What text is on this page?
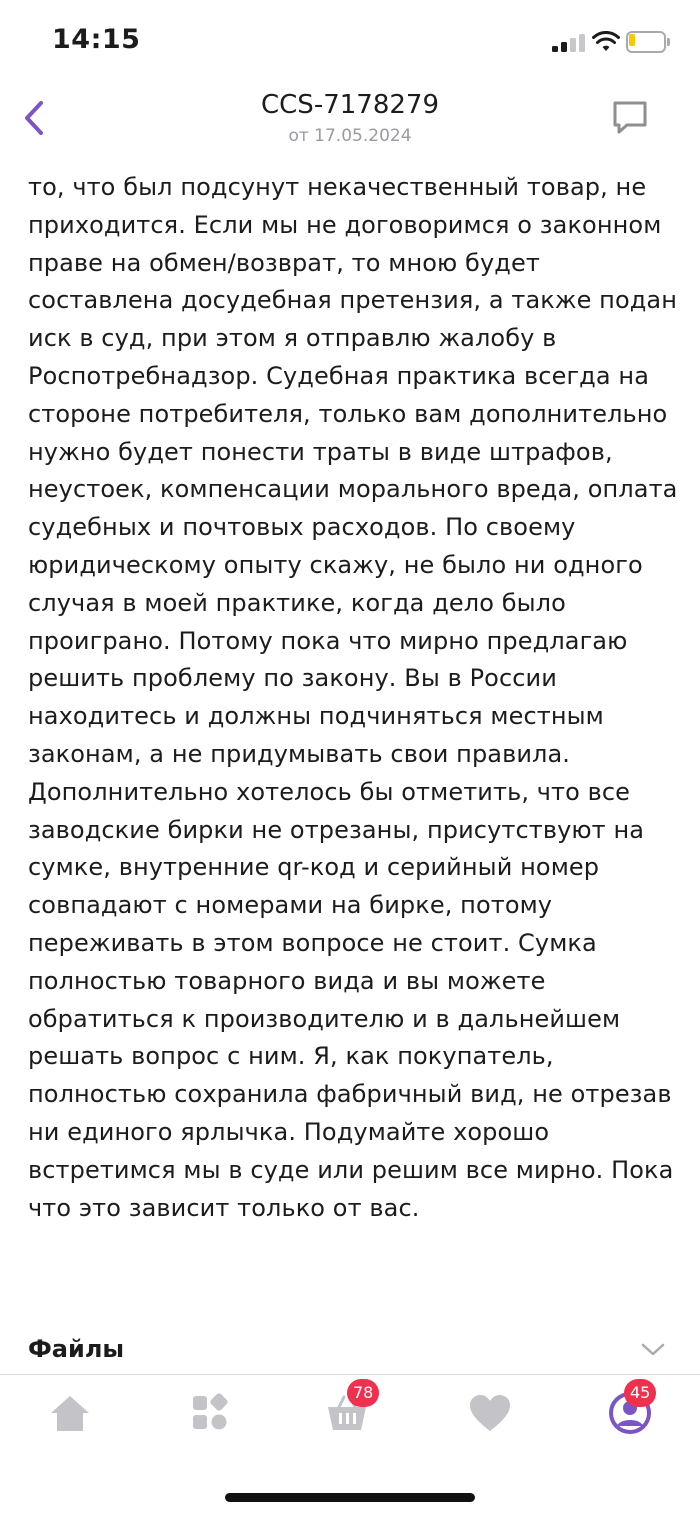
14:15
CCS-7178279
от 17.05.2024

то, что был подсунут некачественный товар, не приходится. Если мы не договоримся о законном праве на обмен/возврат, то мною будет составлена досудебная претензия, а также подан иск в суд, при этом я отправлю жалобу в Роспотребнадзор. Судебная практика всегда на стороне потребителя, только вам дополнительно нужно будет понести траты в виде штрафов, неустоек, компенсации морального вреда, оплата судебных и почтовых расходов. По своему юридическому опыту скажу, не было ни одного случая в моей практике, когда дело было проиграно. Потому пока что мирно предлагаю решить проблему по закону. Вы в России находитесь и должны подчиняться местным законам, а не придумывать свои правила. Дополнительно хотелось бы отметить, что все заводские бирки не отрезаны, присутствуют на сумке, внутренние qr-код и серийный номер совпадают с номерами на бирке, потому переживать в этом вопросе не стоит. Сумка полностью товарного вида и вы можете обратиться к производителю и в дальнейшем решать вопрос с ним. Я, как покупатель, полностью сохранила фабричный вид, не отрезав ни единого ярлычка. Подумайте хорошо встретимся мы в суде или решим все мирно. Пока что это зависит только от вас.

Файлы
78	45
